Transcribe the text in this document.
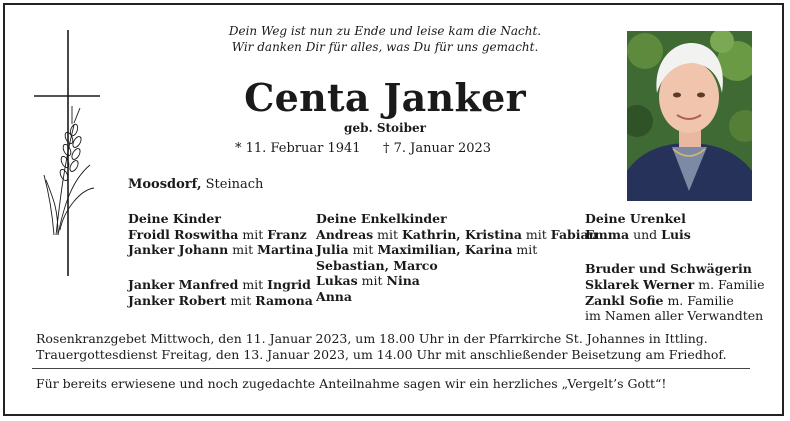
Dein Weg ist nun zu Ende und leise kam die Nacht.
Wir danken Dir für alles, was Du für uns gemacht.
Centa Janker
geb. Stoiber
* 11. Februar 1941 † 7. Januar 2023
Moosdorf, Steinach
Deine Kinder
Froidl Roswitha mit Franz
Janker Johann mit Martina
Janker Manfred mit Ingrid
Janker Robert mit Ramona
Deine Enkelkinder
Andreas mit Kathrin, Kristina mit Fabian
Julia mit Maximilian, Karina mit
Sebastian, Marco
Lukas mit Nina
Anna
Deine Urenkel
Emma und Luis
Bruder und Schwägerin
Sklarek Werner m. Familie
Zankl Sofie m. Familie
im Namen aller Verwandten
Rosenkranzgebet Mittwoch, den 11. Januar 2023, um 18.00 Uhr in der Pfarrkirche St. Johannes in Ittling.
Trauergottesdienst Freitag, den 13. Januar 2023, um 14.00 Uhr mit anschließender Beisetzung am Friedhof.
Für bereits erwiesene und noch zugedachte Anteilnahme sagen wir ein herzliches „Vergelt’s Gott“!
